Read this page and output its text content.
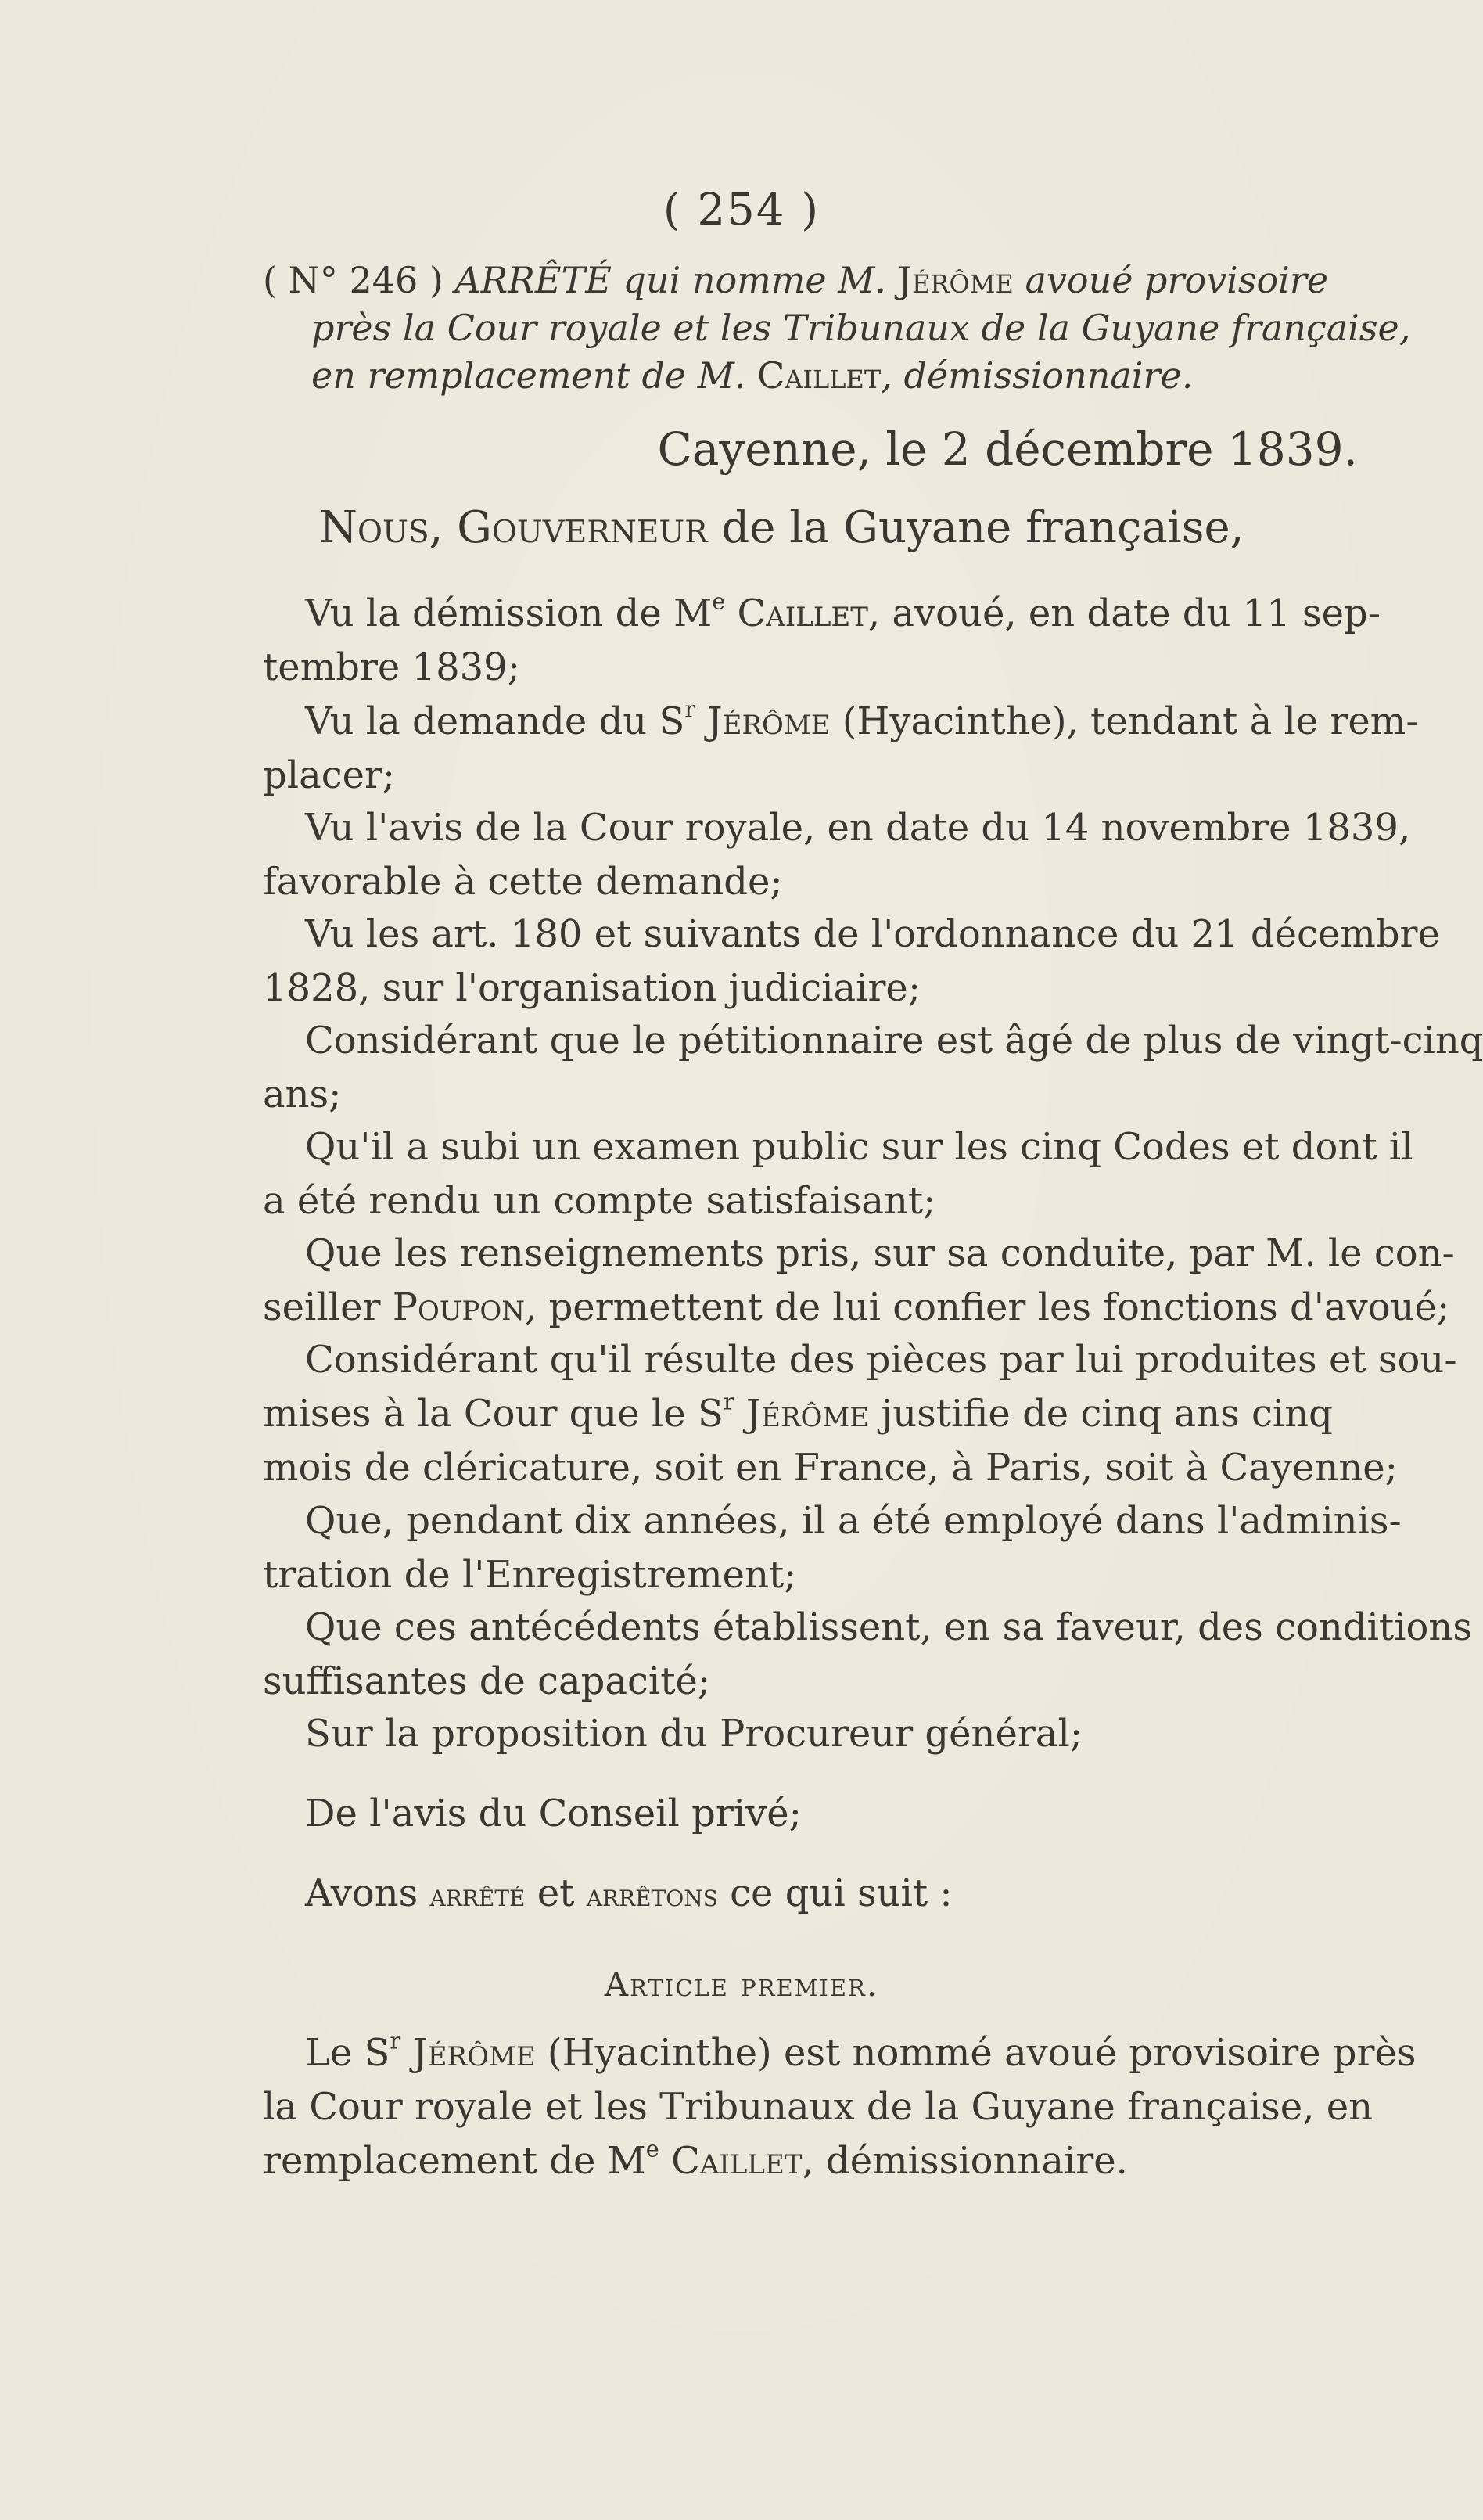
( 254 )
( N° 246 ) ARRÊTÉ qui nomme M. Jérôme avoué provisoire
près la Cour royale et les Tribunaux de la Guyane française,
en remplacement de M. Caillet, démissionnaire.
Cayenne, le 2 décembre 1839.
Nous, Gouverneur de la Guyane française,
Vu la démission de Me Caillet, avoué, en date du 11 sep-
tembre 1839;
Vu la demande du $S^r$ Jérôme (Hyacinthe), tendant à le rem-
placer;
Vu l'avis de la Cour royale, en date du 14 novembre 1839,
favorable à cette demande;
Vu les art. 180 et suivants de l'ordonnance du 21 décembre
1828, sur l'organisation judiciaire;
Considérant que le pétitionnaire est âgé de plus de vingt-cinq
ans;
Qu'il a subi un examen public sur les cinq Codes et dont il
a été rendu un compte satisfaisant;
Que les renseignements pris, sur sa conduite, par M. le con-
seiller Poupon, permettent de lui confier les fonctions d'avoué;
Considérant qu'il résulte des pièces par lui produites et sou-
mises à la Cour que le $S^r$ Jérôme justifie de cinq ans cinq
mois de cléricature, soit en France, à Paris, soit à Cayenne;
Que, pendant dix années, il a été employé dans l'adminis-
tration de l'Enregistrement;
Que ces antécédents établissent, en sa faveur, des conditions
suffisantes de capacité;
Sur la proposition du Procureur général;
De l'avis du Conseil privé;
Avons arrêté et arrêtons ce qui suit :
Article premier.
Le $S^r$ Jérôme (Hyacinthe) est nommé avoué provisoire près
la Cour royale et les Tribunaux de la Guyane française, en
remplacement de Me Caillet, démissionnaire.
